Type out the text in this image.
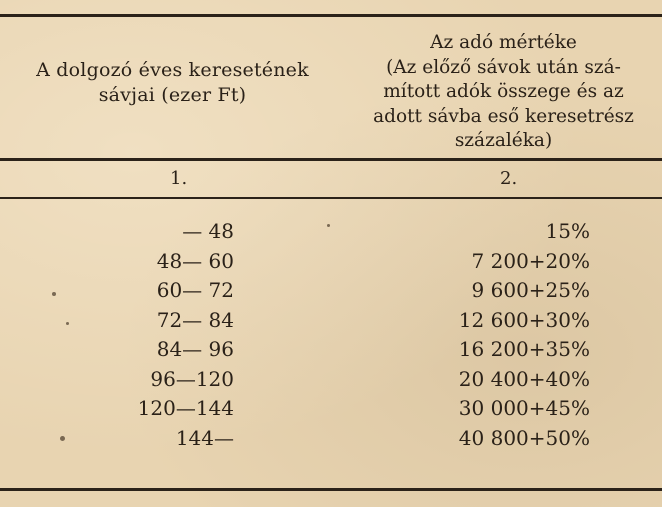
A dolgozó éves keresetének
sávjai (ezer Ft)
Az adó mértéke
(Az előző sávok után szá-
mított adók összege és az
adott sávba eső keresetrész
százaléka)
1.	2.
— 48	15%
48— 60	7 200+20%
60— 72	9 600+25%
72— 84	12 600+30%
84— 96	16 200+35%
96—120	20 400+40%
120—144	30 000+45%
144—	40 800+50%
